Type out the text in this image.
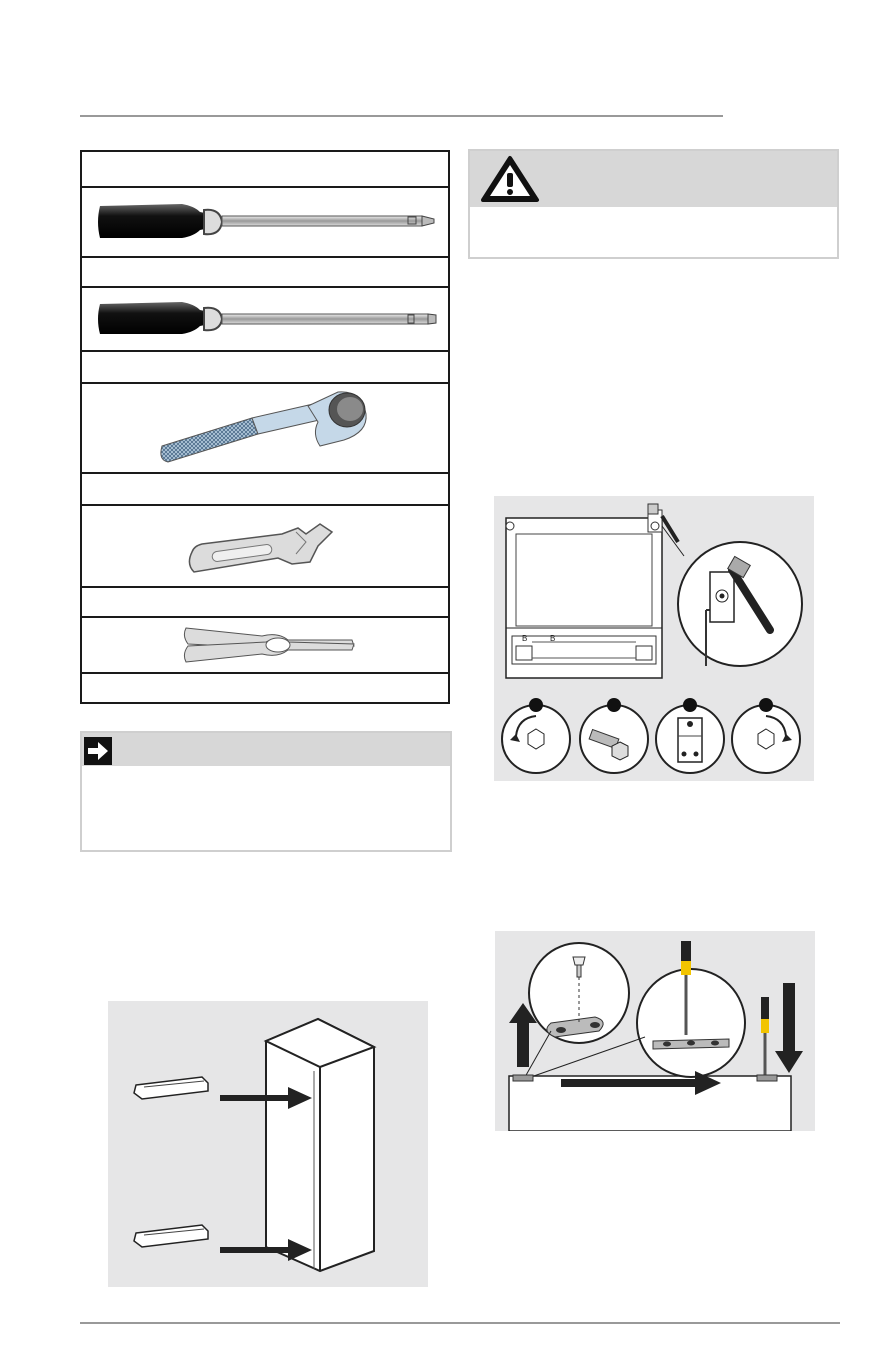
B	B
